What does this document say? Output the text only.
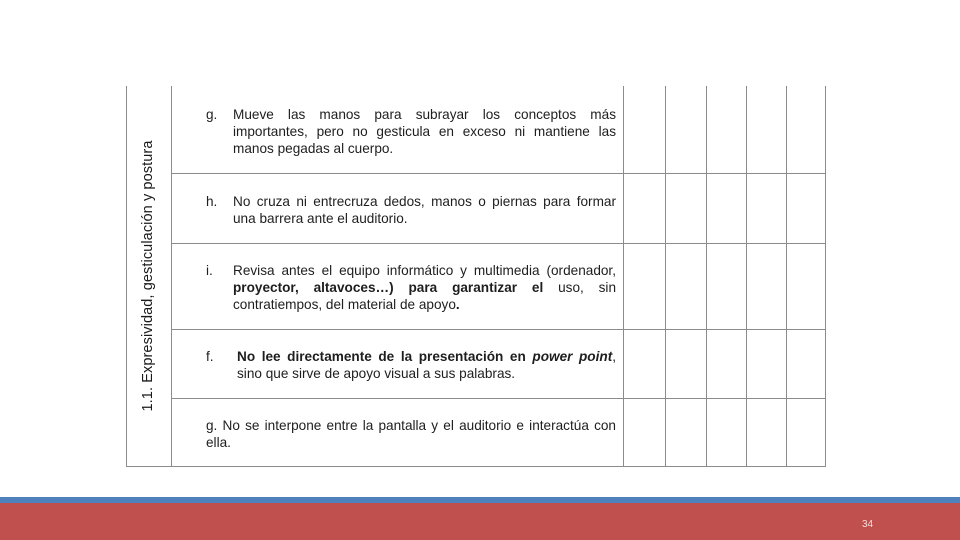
1.1. Expresividad, gesticulación y postura
g. Mueve las manos para subrayar los conceptos más importantes, pero no gesticula en exceso ni mantiene las manos pegadas al cuerpo.
h. No cruza ni entrecruza dedos, manos o piernas para formar una barrera ante el auditorio.
i. Revisa antes el equipo informático y multimedia (ordenador, proyector, altavoces…) para garantizar el uso, sin contratiempos, del material de apoyo.
f. No lee directamente de la presentación en power point, sino que sirve de apoyo visual a sus palabras.
g. No se interpone entre la pantalla y el auditorio e interactúa con ella.
34
